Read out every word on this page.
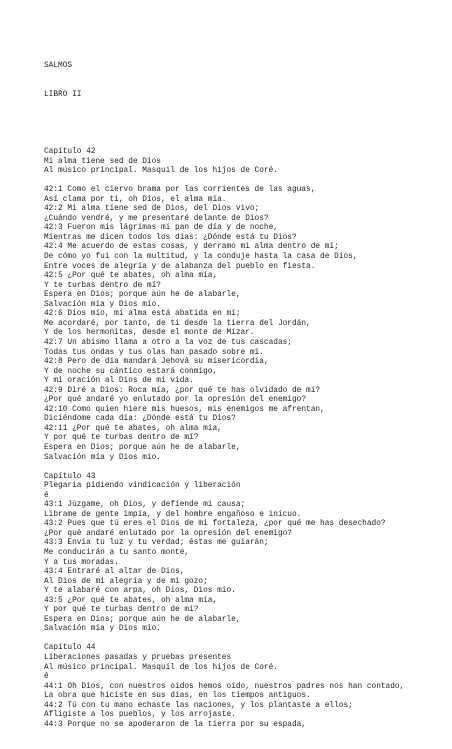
SALMOS

LIBRO II

Capítulo 42
Mi alma tiene sed de Dios
Al músico principal. Masquil de los hijos de Coré.
42:1 Como el ciervo brama por las corrientes de las aguas,
Así clama por ti, oh Dios, el alma mía.
42:2 Mi alma tiene sed de Dios, del Dios vivo;
¿Cuándo vendré, y me presentaré delante de Dios?
42:3 Fueron mis lágrimas mi pan de día y de noche,
Mientras me dicen todos los días: ¿Dónde está tu Dios?
42:4 Me acuerdo de estas cosas, y derramo mi alma dentro de mí;
De cómo yo fui con la multitud, y la conduje hasta la casa de Dios,
Entre voces de alegría y de alabanza del pueblo en fiesta.
42:5 ¿Por qué te abates, oh alma mía,
Y te turbas dentro de mí?
Espera en Dios; porque aún he de alabarle,
Salvación mía y Dios mío.
42:6 Dios mío, mi alma está abatida en mí;
Me acordaré, por tanto, de ti desde la tierra del Jordán,
Y de los hermonitas, desde el monte de Mizar.
42:7 Un abismo llama a otro a la voz de tus cascadas;
Todas tus ondas y tus olas han pasado sobre mí.
42:8 Pero de día mandará Jehová su misericordia,
Y de noche su cántico estará conmigo,
Y mi oración al Dios de mi vida.
42:9 Diré a Dios: Roca mía, ¿por qué te has olvidado de mí?
¿Por qué andaré yo enlutado por la opresión del enemigo?
42:10 Como quien hiere mis huesos, mis enemigos me afrentan,
Diciéndome cada día: ¿Dónde está tu Dios?
42:11 ¿Por qué te abates, oh alma mía,
Y por qué te turbas dentro de mí?
Espera en Dios; porque aún he de alabarle,
Salvación mía y Dios mío.
Capítulo 43
Plegaria pidiendo vindicación y liberación
é
43:1 Júzgame, oh Dios, y defiende mi causa;
Líbrame de gente impía, y del hombre engañoso e inicuo.
43:2 Pues que tú eres el Dios de mi fortaleza, ¿por qué me has desechado?
¿Por qué andaré enlutado por la opresión del enemigo?
43:3 Envía tu luz y tu verdad; éstas me guiarán;
Me conducirán a tu santo monte,
Y a tus moradas.
43:4 Entraré al altar de Dios,
Al Dios de mi alegría y de mi gozo;
Y te alabaré con arpa, oh Dios, Dios mío.
43:5 ¿Por qué te abates, oh alma mía,
Y por qué te turbas dentro de mí?
Espera en Dios; porque aún he de alabarle,
Salvación mía y Dios mío.
Capítulo 44
Liberaciones pasadas y pruebas presentes
Al músico principal. Masquil de los hijos de Coré.
é
44:1 Oh Dios, con nuestros oídos hemos oído, nuestros padres nos han contado,
La obra que hiciste en sus días, en los tiempos antiguos.
44:2 Tú con tu mano echaste las naciones, y los plantaste a ellos;
Afligiste a los pueblos, y los arrojaste.
44:3 Porque no se apoderaron de la tierra por su espada,
